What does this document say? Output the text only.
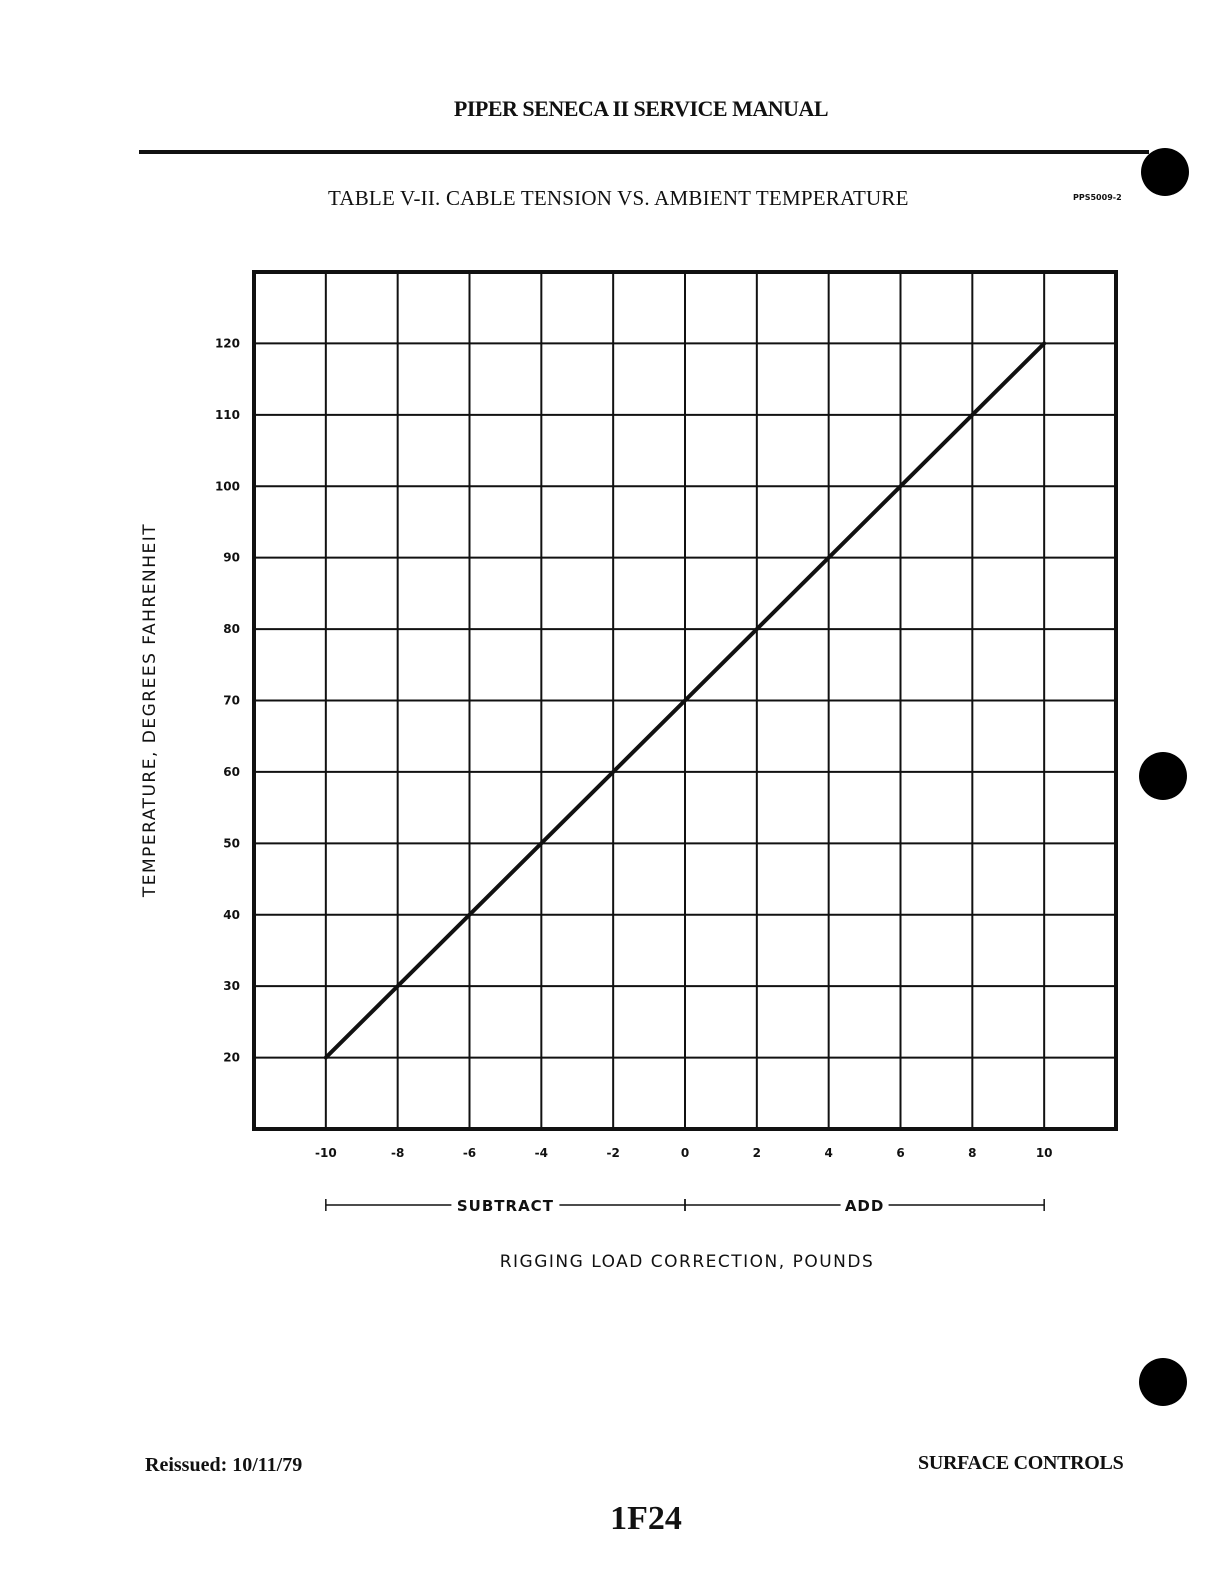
PIPER SENECA II SERVICE MANUAL
TABLE V-II. CABLE TENSION VS. AMBIENT TEMPERATURE	PPS5009-2
20
30
40
50
60
70
80
90
100
110
120
-10	-8	-6	-4	-2	0	2	4	6	8	10
SUBTRACT	ADD
RIGGING LOAD CORRECTION, POUNDS
TEMPERATURE, DEGREES FAHRENHEIT
Reissued: 10/11/79	SURFACE CONTROLS
1F24
